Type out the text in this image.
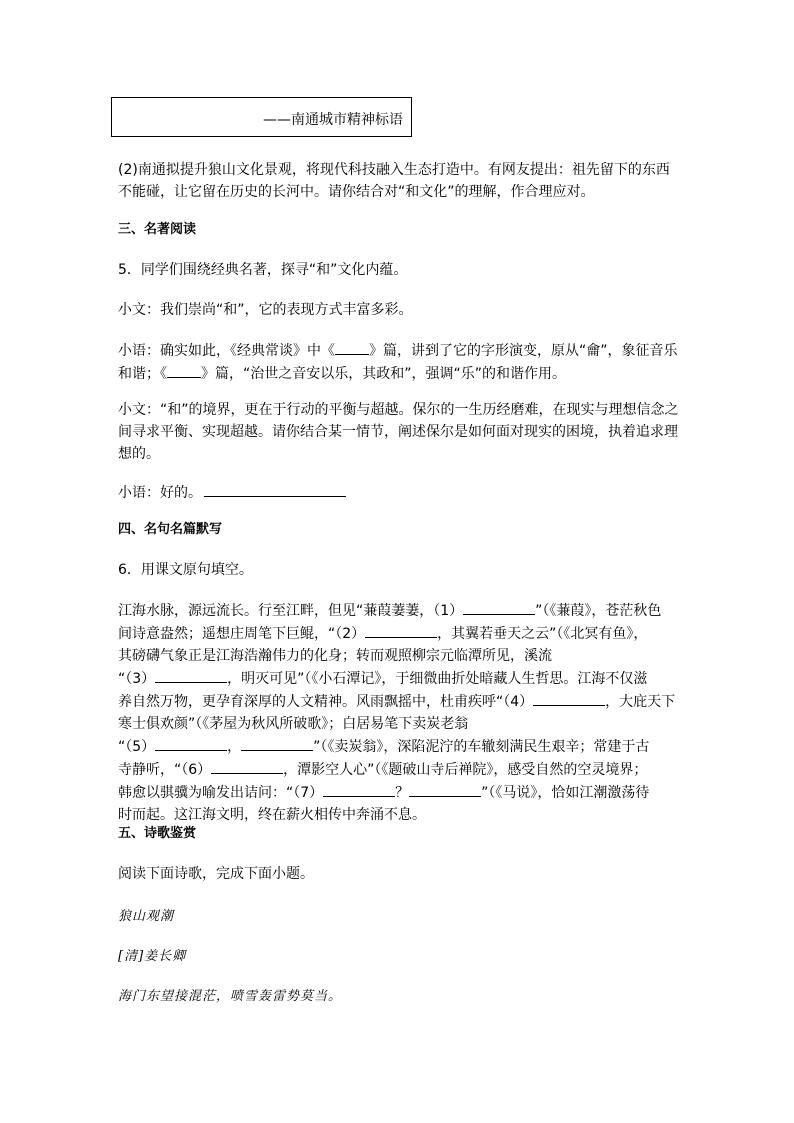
——南通城市精神标语

(2)南通拟提升狼山文化景观，将现代科技融入生态打造中。有网友提出：祖先留下的东西
不能碰，让它留在历史的长河中。请你结合对“和文化”的理解，作合理应对。

三、名著阅读

5．同学们围绕经典名著，探寻“和”文化内蕴。

小文：我们崇尚“和”，它的表现方式丰富多彩。

小语：确实如此，《经典常谈》中《 》篇，讲到了它的字形演变，原从“龠”，象征音乐
和谐；《 》篇，“治世之音安以乐，其政和”，强调“乐”的和谐作用。

小文：“和”的境界，更在于行动的平衡与超越。保尔的一生历经磨难，在现实与理想信念之
间寻求平衡、实现超越。请你结合某一情节，阐述保尔是如何面对现实的困境，执着追求理
想的。

小语：好的。

四、名句名篇默写

6．用课文原句填空。

江海水脉，源远流长。行至江畔，但见“蒹葭萋萋，（1）	”（《蒹葭》，苍茫秋色
间诗意盎然；遥想庄周笔下巨鲲，“（2）	，其翼若垂天之云”（《北冥有鱼》，
其磅礴气象正是江海浩瀚伟力的化身；转而观照柳宗元临潭所见，溪流
“（3）	，明灭可见”（《小石潭记》，于细微曲折处暗藏人生哲思。江海不仅滋
养自然万物，更孕育深厚的人文精神。风雨飘摇中，杜甫疾呼“（4）	，大庇天下
寒士俱欢颜”（《茅屋为秋风所破歌》；白居易笔下卖炭老翁
“（5）	，	”（《卖炭翁》，深陷泥泞的车辙刻满民生艰辛；常建于古
寺静听，“（6）	，潭影空人心”（《题破山寺后禅院》，感受自然的空灵境界；
韩愈以骐骥为喻发出诘问：“（7）	？	”（《马说》，恰如江潮激荡待
时而起。这江海文明，终在薪火相传中奔涌不息。

五、诗歌鉴赏

阅读下面诗歌，完成下面小题。

狼山观潮

[清]姜长卿

海门东望接混茫，喷雪轰雷势莫当。
